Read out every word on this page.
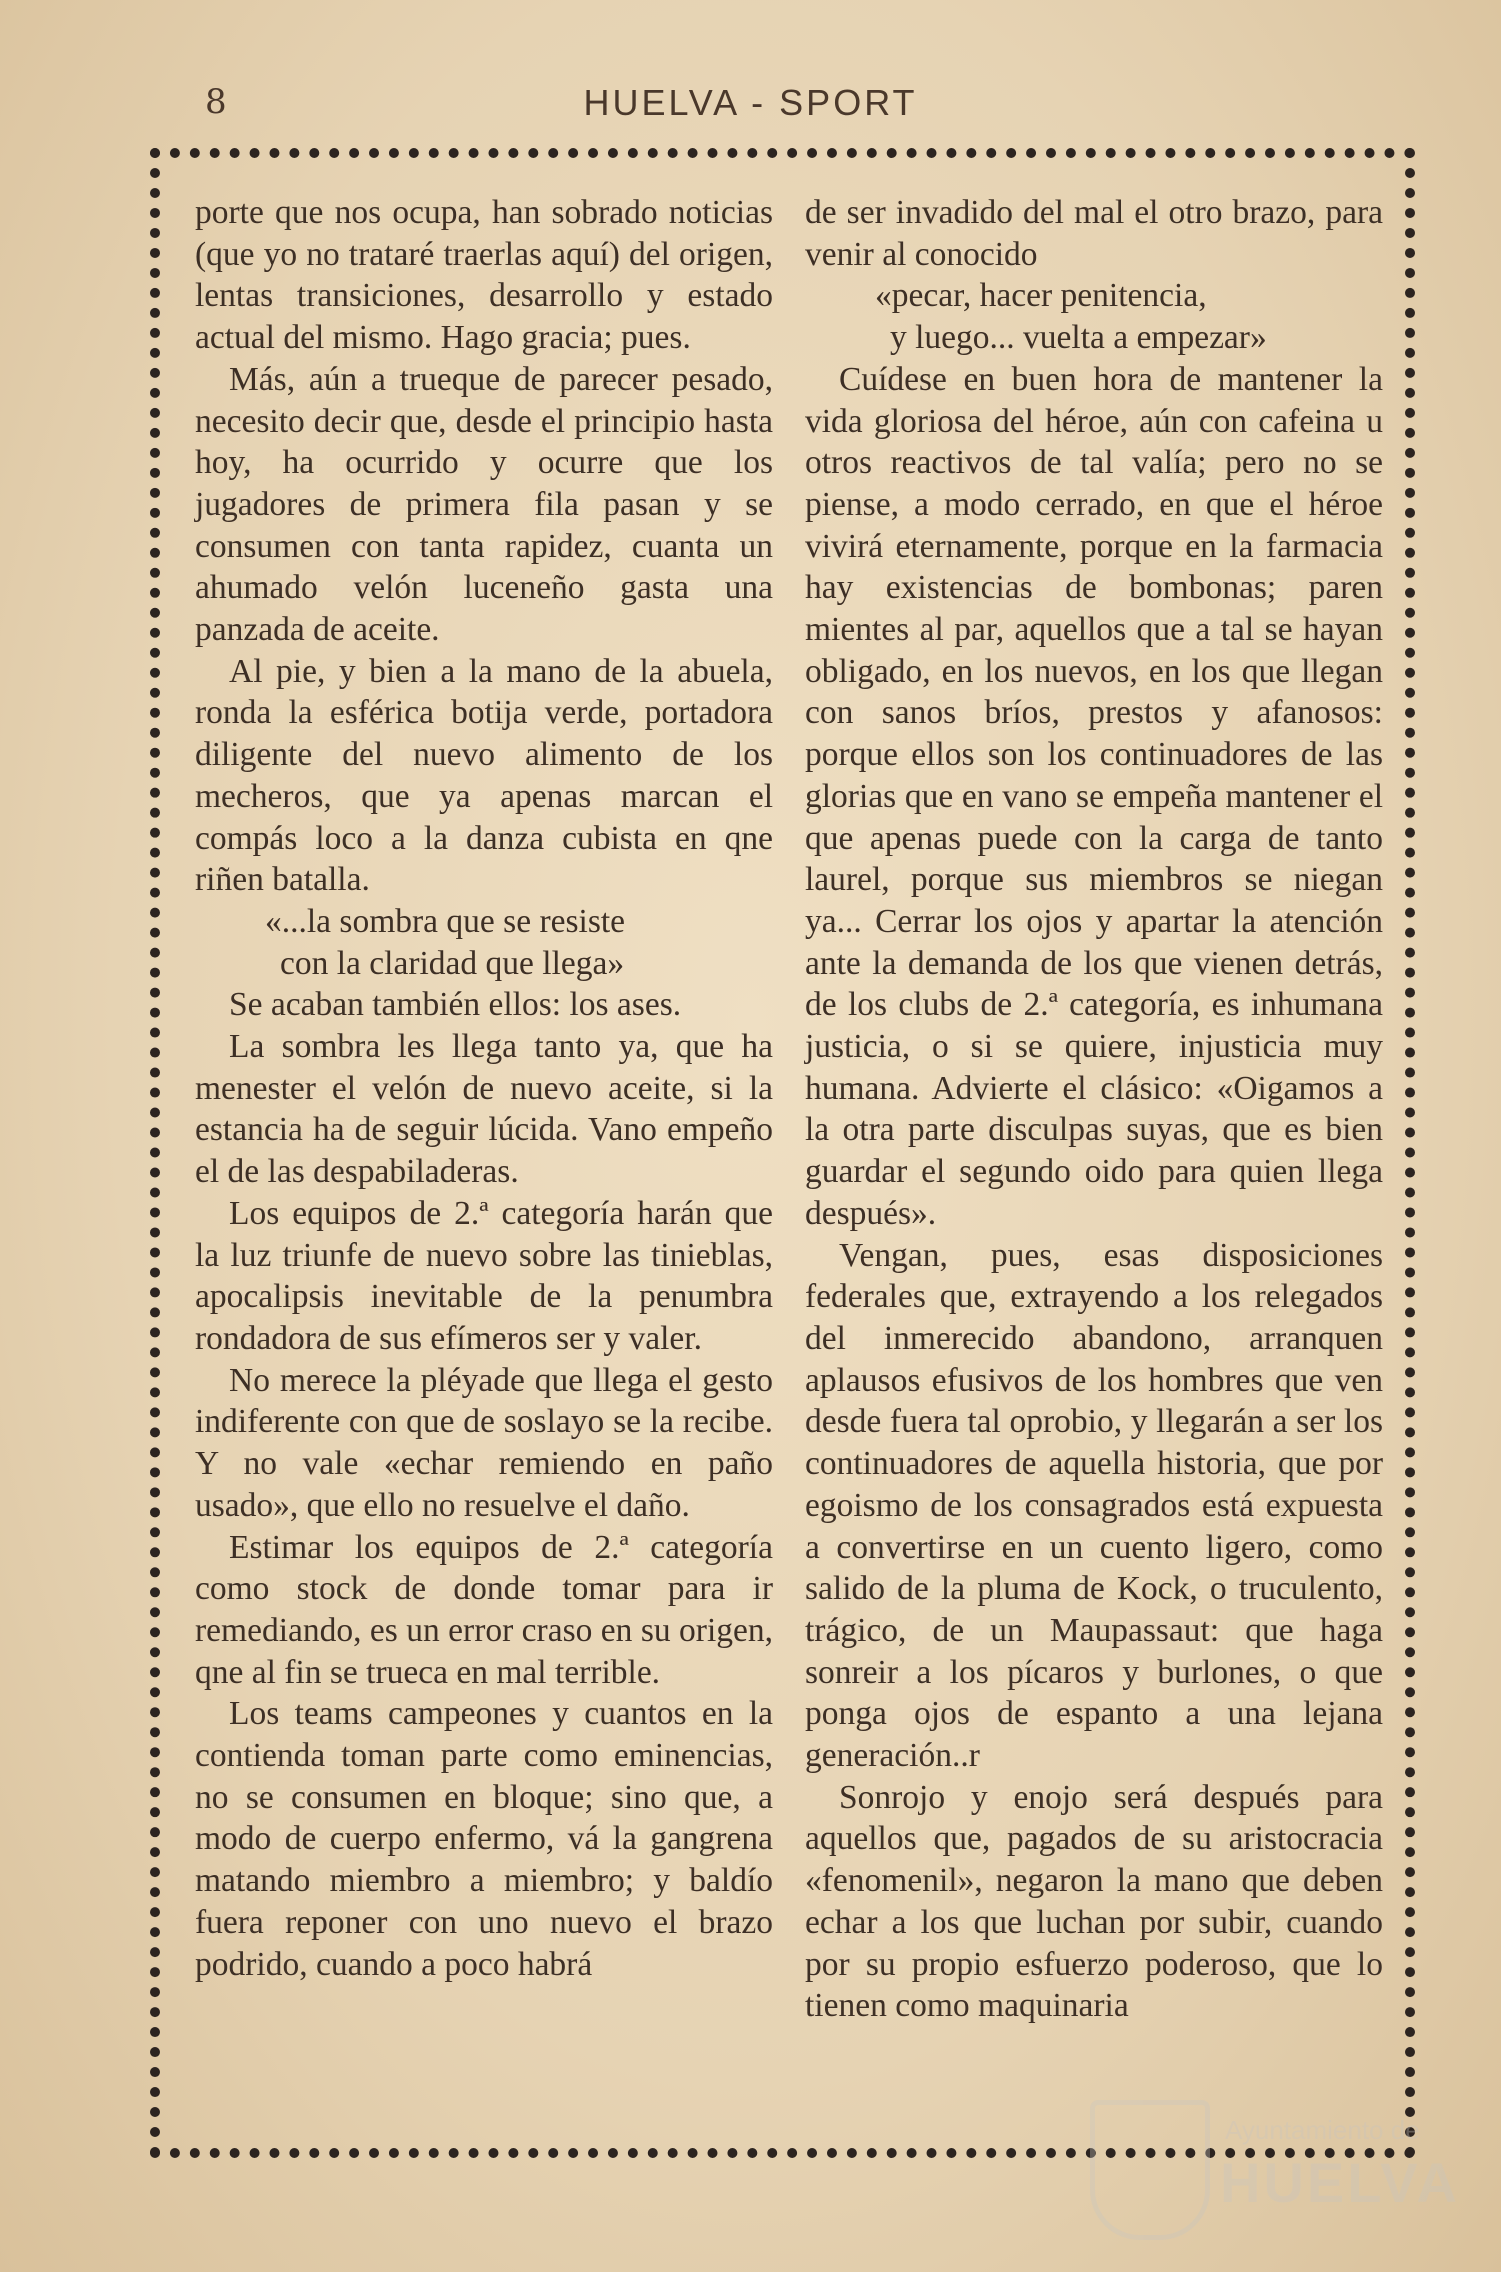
8	HUELVA - SPORT

porte que nos ocupa, han sobrado noticias (que yo no trataré traerlas aquí) del origen, lentas transiciones, desarrollo y estado actual del mismo. Hago gracia; pues.

Más, aún a trueque de parecer pesado, necesito decir que, desde el principio hasta hoy, ha ocurrido y ocurre que los jugadores de primera fila pasan y se consumen con tanta rapidez, cuanta un ahumado velón luceneño gasta una panzada de aceite.

Al pie, y bien a la mano de la abuela, ronda la esférica botija verde, portadora diligente del nuevo alimento de los mecheros, que ya apenas marcan el compás loco a la danza cubista en qne riñen batalla.

«...la sombra que se resiste

con la claridad que llega»

Se acaban también ellos: los ases.

La sombra les llega tanto ya, que ha menester el velón de nuevo aceite, si la estancia ha de seguir lúcida. Vano empeño el de las despabiladeras.

Los equipos de 2.ª categoría harán que la luz triunfe de nuevo sobre las tinieblas, apocalipsis inevitable de la penumbra rondadora de sus efímeros ser y valer.

No merece la pléyade que llega el gesto indiferente con que de soslayo se la recibe. Y no vale «echar remiendo en paño usado», que ello no resuelve el daño.

Estimar los equipos de 2.ª categoría como stock de donde tomar para ir remediando, es un error craso en su origen, qne al fin se trueca en mal terrible.

Los teams campeones y cuantos en la contienda toman parte como eminencias, no se consumen en bloque; sino que, a modo de cuerpo enfermo, vá la gangrena matando miembro a miembro; y baldío fuera reponer con uno nuevo el brazo podrido, cuando a poco habrá

de ser invadido del mal el otro brazo, para venir al conocido

«pecar, hacer penitencia,

y luego... vuelta a empezar»

Cuídese en buen hora de mantener la vida gloriosa del héroe, aún con cafeina u otros reactivos de tal valía; pero no se piense, a modo cerrado, en que el héroe vivirá eternamente, porque en la farmacia hay existencias de bombonas; paren mientes al par, aquellos que a tal se hayan obligado, en los nuevos, en los que llegan con sanos bríos, prestos y afanosos: porque ellos son los continuadores de las glorias que en vano se empeña mantener el que apenas puede con la carga de tanto laurel, porque sus miembros se niegan ya... Cerrar los ojos y apartar la atención ante la demanda de los que vienen detrás, de los clubs de 2.ª categoría, es inhumana justicia, o si se quiere, injusticia muy humana. Advierte el clásico: «Oigamos a la otra parte disculpas suyas, que es bien guardar el segundo oido para quien llega después».

Vengan, pues, esas disposiciones federales que, extrayendo a los relegados del inmerecido abandono, arranquen aplausos efusivos de los hombres que ven desde fuera tal oprobio, y llegarán a ser los continuadores de aquella historia, que por egoismo de los consagrados está expuesta a convertirse en un cuento ligero, como salido de la pluma de Kock, o truculento, trágico, de un Maupassaut: que haga sonreir a los pícaros y burlones, o que ponga ojos de espanto a una lejana generación..r

Sonrojo y enojo será después para aquellos que, pagados de su aristocracia «fenomenil», negaron la mano que deben echar a los que luchan por subir, cuando por su propio esfuerzo poderoso, que lo tienen como maquinaria

Ayuntamiento de
HUELVA
